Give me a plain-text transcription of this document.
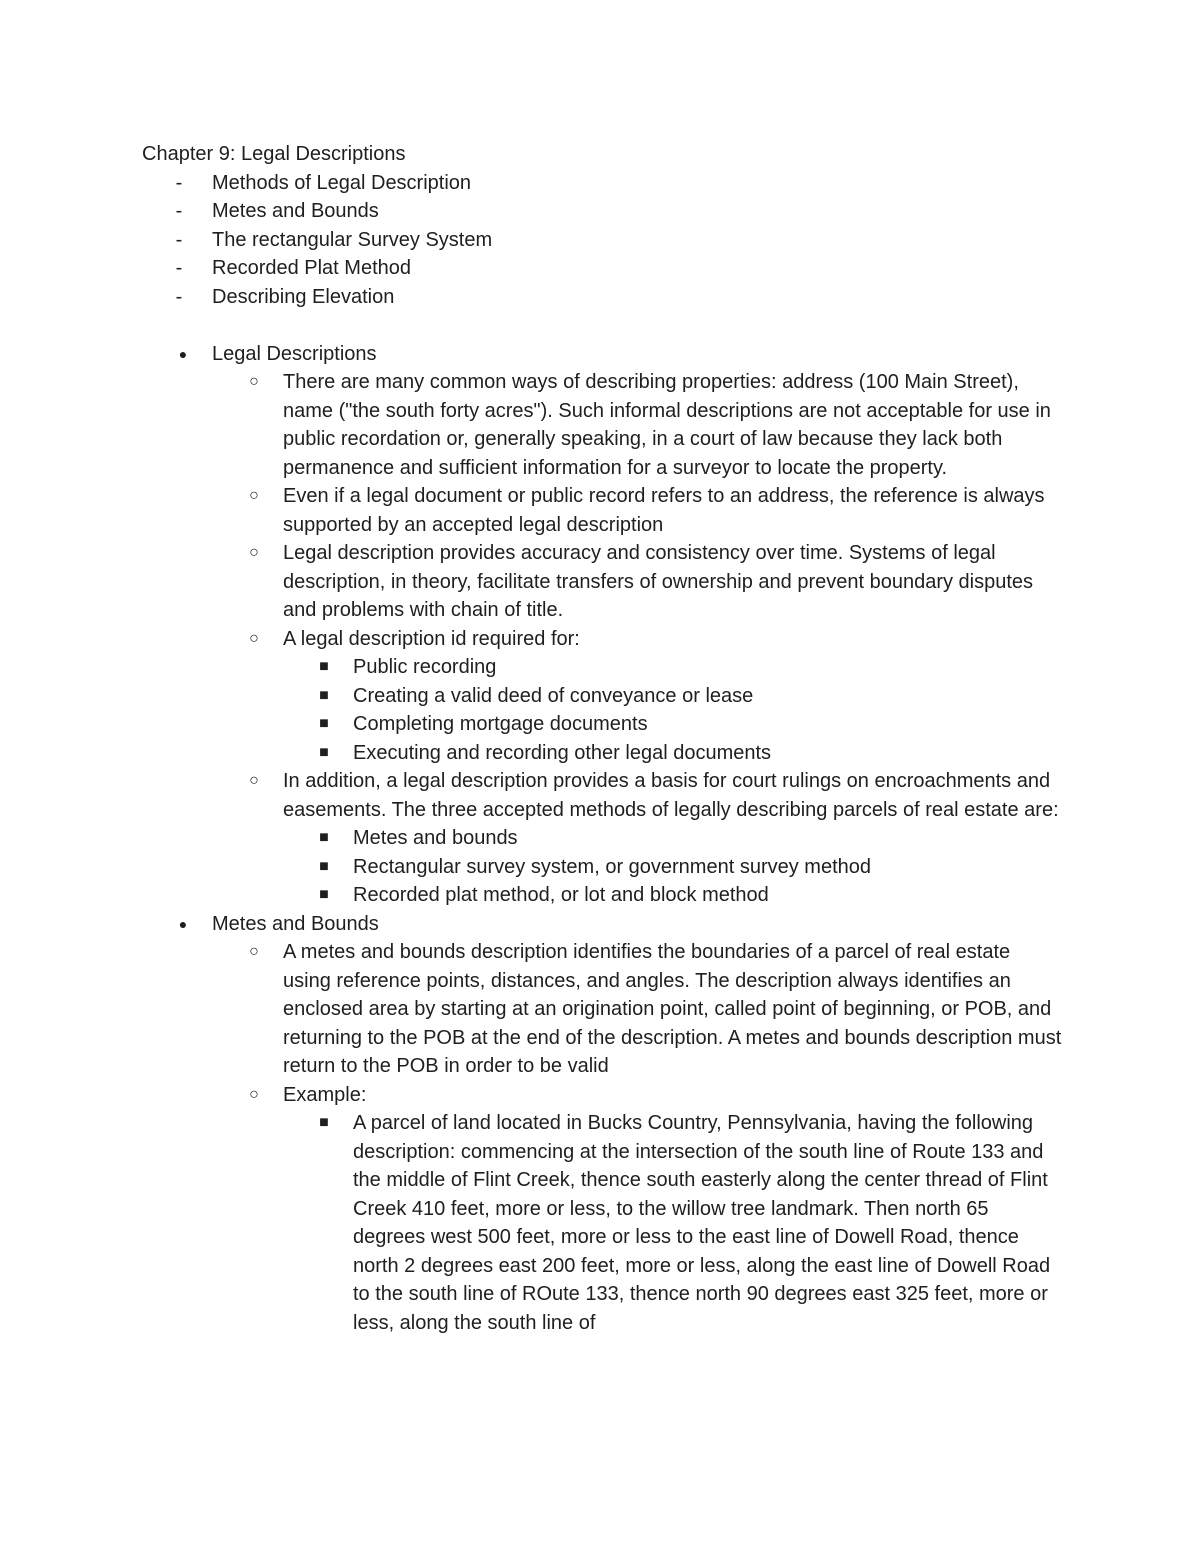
Chapter 9: Legal Descriptions
- Methods of Legal Description
- Metes and Bounds
- The rectangular Survey System
- Recorded Plat Method
- Describing Elevation
● Legal Descriptions
○ There are many common ways of describing properties: address (100 Main Street), name ("the south forty acres"). Such informal descriptions are not acceptable for use in public recordation or, generally speaking, in a court of law because they lack both permanence and sufficient information for a surveyor to locate the property.
○ Even if a legal document or public record refers to an address, the reference is always supported by an accepted legal description
○ Legal description provides accuracy and consistency over time. Systems of legal description, in theory, facilitate transfers of ownership and prevent boundary disputes and problems with chain of title.
○ A legal description id required for:
■ Public recording
■ Creating a valid deed of conveyance or lease
■ Completing mortgage documents
■ Executing and recording other legal documents
○ In addition, a legal description provides a basis for court rulings on encroachments and easements. The three accepted methods of legally describing parcels of real estate are:
■ Metes and bounds
■ Rectangular survey system, or government survey method
■ Recorded plat method, or lot and block method
● Metes and Bounds
○ A metes and bounds description identifies the boundaries of a parcel of real estate using reference points, distances, and angles. The description always identifies an enclosed area by starting at an origination point, called point of beginning, or POB, and returning to the POB at the end of the description. A metes and bounds description must return to the POB in order to be valid
○ Example:
■ A parcel of land located in Bucks Country, Pennsylvania, having the following description: commencing at the intersection of the south line of Route 133 and the middle of Flint Creek, thence south easterly along the center thread of Flint Creek 410 feet, more or less, to the willow tree landmark. Then north 65 degrees west 500 feet, more or less to the east line of Dowell Road, thence north 2 degrees east 200 feet, more or less, along the east line of Dowell Road to the south line of ROute 133, thence north 90 degrees east 325 feet, more or less, along the south line of
